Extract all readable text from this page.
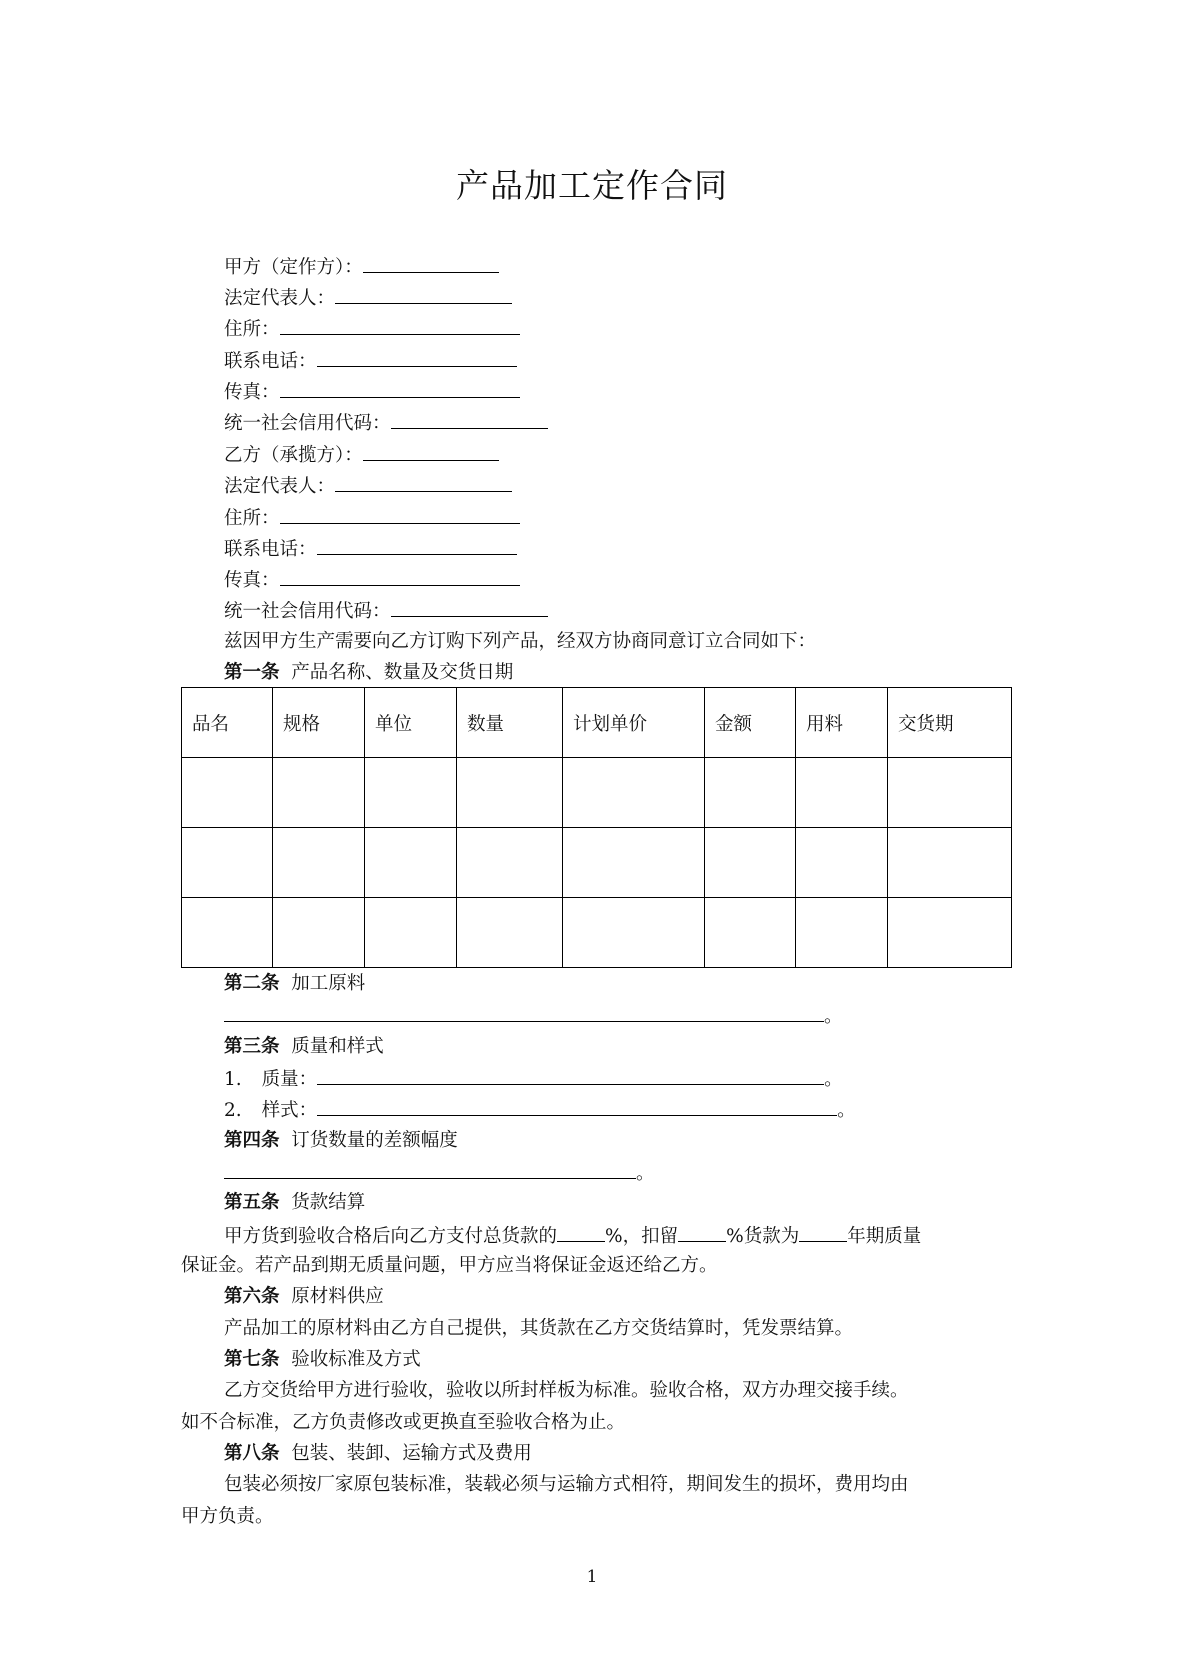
产品加工定作合同
甲方（定作方）：
法定代表人：
住所：
联系电话：
传真：
统一社会信用代码：
乙方（承揽方）：
法定代表人：
住所：
联系电话：
传真：
统一社会信用代码：
兹因甲方生产需要向乙方订购下列产品，经双方协商同意订立合同如下：
第一条 产品名称、数量及交货日期
品名	规格	单位	数量	计划单价	金额	用料	交货期

第二条 加工原料
。
第三条 质量和样式
1. 质量：	。
2. 样式：	。
第四条 订货数量的差额幅度
。
第五条 货款结算
甲方货到验收合格后向乙方支付总货款的	%，扣留	%货款为	年期质量
保证金。若产品到期无质量问题，甲方应当将保证金返还给乙方。
第六条 原材料供应
产品加工的原材料由乙方自己提供，其货款在乙方交货结算时，凭发票结算。
第七条 验收标准及方式
乙方交货给甲方进行验收，验收以所封样板为标准。验收合格，双方办理交接手续。
如不合标准，乙方负责修改或更换直至验收合格为止。
第八条 包装、装卸、运输方式及费用
包装必须按厂家原包装标准，装载必须与运输方式相符，期间发生的损坏，费用均由
甲方负责。
1
